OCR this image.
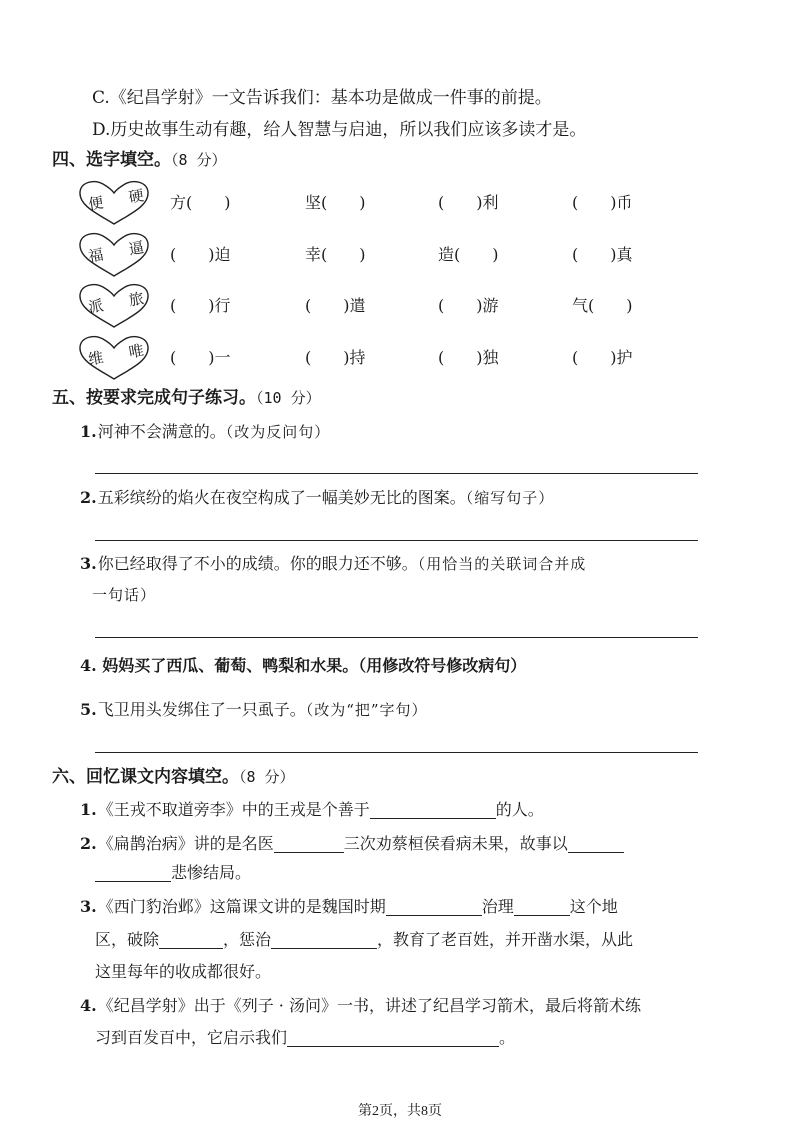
C.《纪昌学射》一文告诉我们：基本功是做成一件事的前提。
D.历史故事生动有趣，给人智慧与启迪，所以我们应该多读才是。
四、选字填空。（8 分）
便 硬 方(　　)	坚(　　)	(　　)利	(　　)币
福 逼 (　　)迫	幸(　　)	造(　　)	(　　)真
派 旅 (　　)行	(　　)遣	(　　)游	气(　　)
维 唯 (　　)一	(　　)持	(　　)独	(　　)护
五、按要求完成句子练习。（10 分）
1.河神不会满意的。（改为反问句）
2.五彩缤纷的焰火在夜空构成了一幅美妙无比的图案。（缩写句子）
3.你已经取得了不小的成绩。你的眼力还不够。（用恰当的关联词合并成
一句话）
4. 妈妈买了西瓜、葡萄、鸭梨和水果。（用修改符号修改病句）
5.飞卫用头发绑住了一只虱子。（改为“把”字句）
六、回忆课文内容填空。（8 分）
1.《王戎不取道旁李》中的王戎是个善于	的人。
2.《扁鹊治病》讲的是名医	三次劝蔡桓侯看病未果，故事以
悲惨结局。
3.《西门豹治邺》这篇课文讲的是魏国时期	治理	这个地
区，破除	，惩治	，教育了老百姓，并开凿水渠，从此
这里每年的收成都很好。
4.《纪昌学射》出于《列子 · 汤问》一书，讲述了纪昌学习箭术，最后将箭术练
习到百发百中，它启示我们	。
第2页，共8页
